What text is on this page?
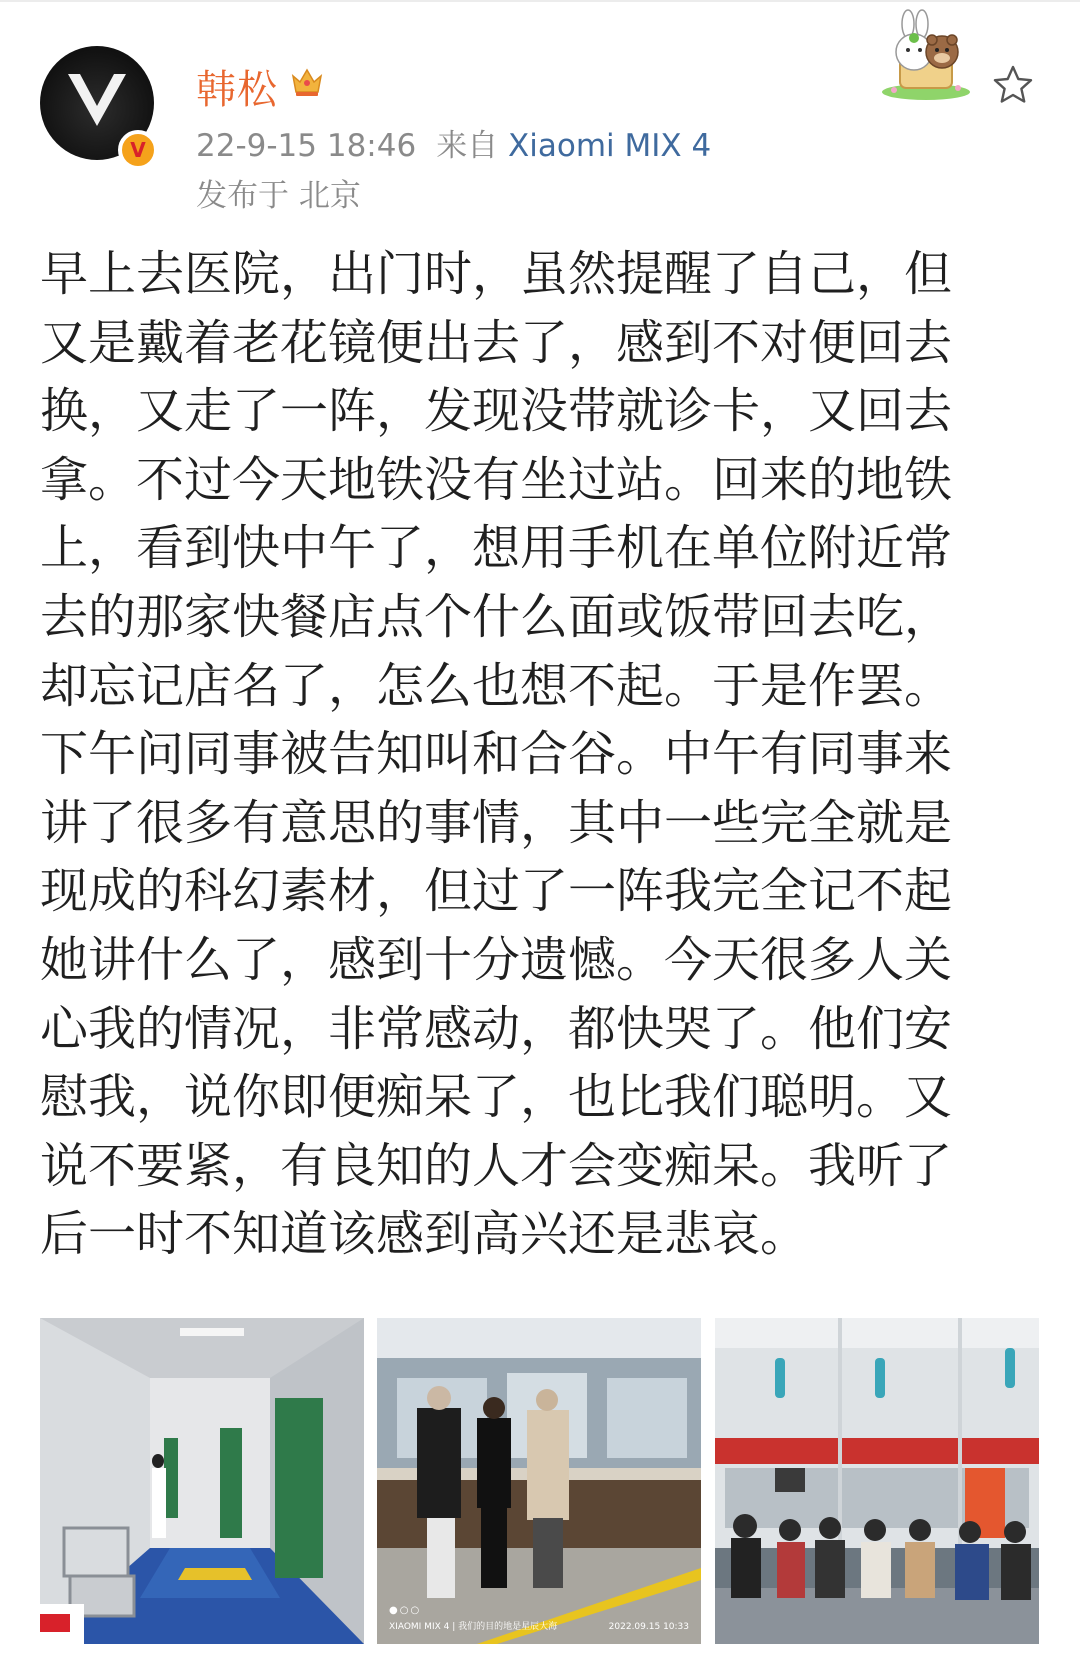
V
韩松
22-9-15 18:46 来自 Xiaomi MIX 4
发布于 北京
早上去医院，出门时，虽然提醒了自己，但
又是戴着老花镜便出去了，感到不对便回去
换，又走了一阵，发现没带就诊卡，又回去
拿。不过今天地铁没有坐过站。回来的地铁
上，看到快中午了，想用手机在单位附近常
去的那家快餐店点个什么面或饭带回去吃，
却忘记店名了，怎么也想不起。于是作罢。
下午问同事被告知叫和合谷。中午有同事来
讲了很多有意思的事情，其中一些完全就是
现成的科幻素材，但过了一阵我完全记不起
她讲什么了，感到十分遗憾。今天很多人关
心我的情况，非常感动，都快哭了。他们安
慰我，说你即便痴呆了，也比我们聪明。又
说不要紧，有良知的人才会变痴呆。我听了
后一时不知道该感到高兴还是悲哀。
●○○
XIAOMI MIX 4 | 我们的目的地是星辰大海	2022.09.15 10:33
